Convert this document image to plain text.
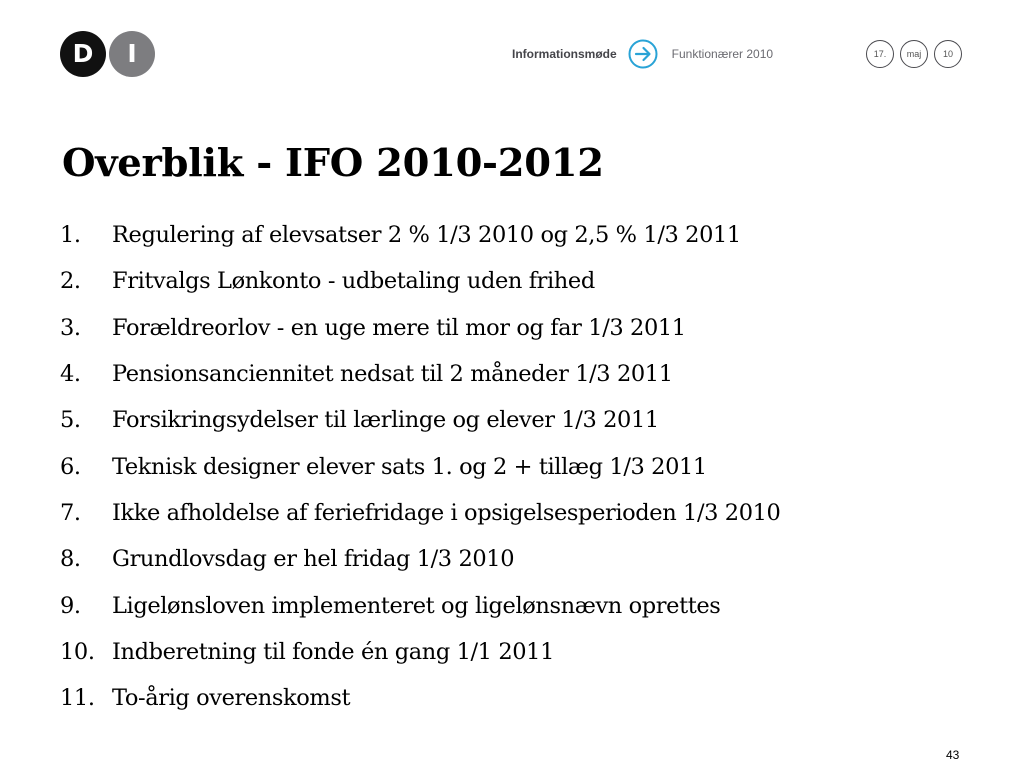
D	I	Informationsmøde	Funktionærer 2010	17.	maj	10
Overblik - IFO 2010-2012
1.	Regulering af elevsatser 2 % 1/3 2010 og 2,5 % 1/3 2011
2.	Fritvalgs Lønkonto - udbetaling uden frihed
3.	Forældreorlov - en uge mere til mor og far 1/3 2011
4.	Pensionsanciennitet nedsat til 2 måneder 1/3 2011
5.	Forsikringsydelser til lærlinge og elever 1/3 2011
6.	Teknisk designer elever sats 1. og 2 + tillæg 1/3 2011
7.	Ikke afholdelse af feriefridage i opsigelsesperioden 1/3 2010
8.	Grundlovsdag er hel fridag 1/3 2010
9.	Ligelønsloven implementeret og ligelønsnævn oprettes
10. Indberetning til fonde én gang 1/1 2011
11. To-årig overenskomst
43
